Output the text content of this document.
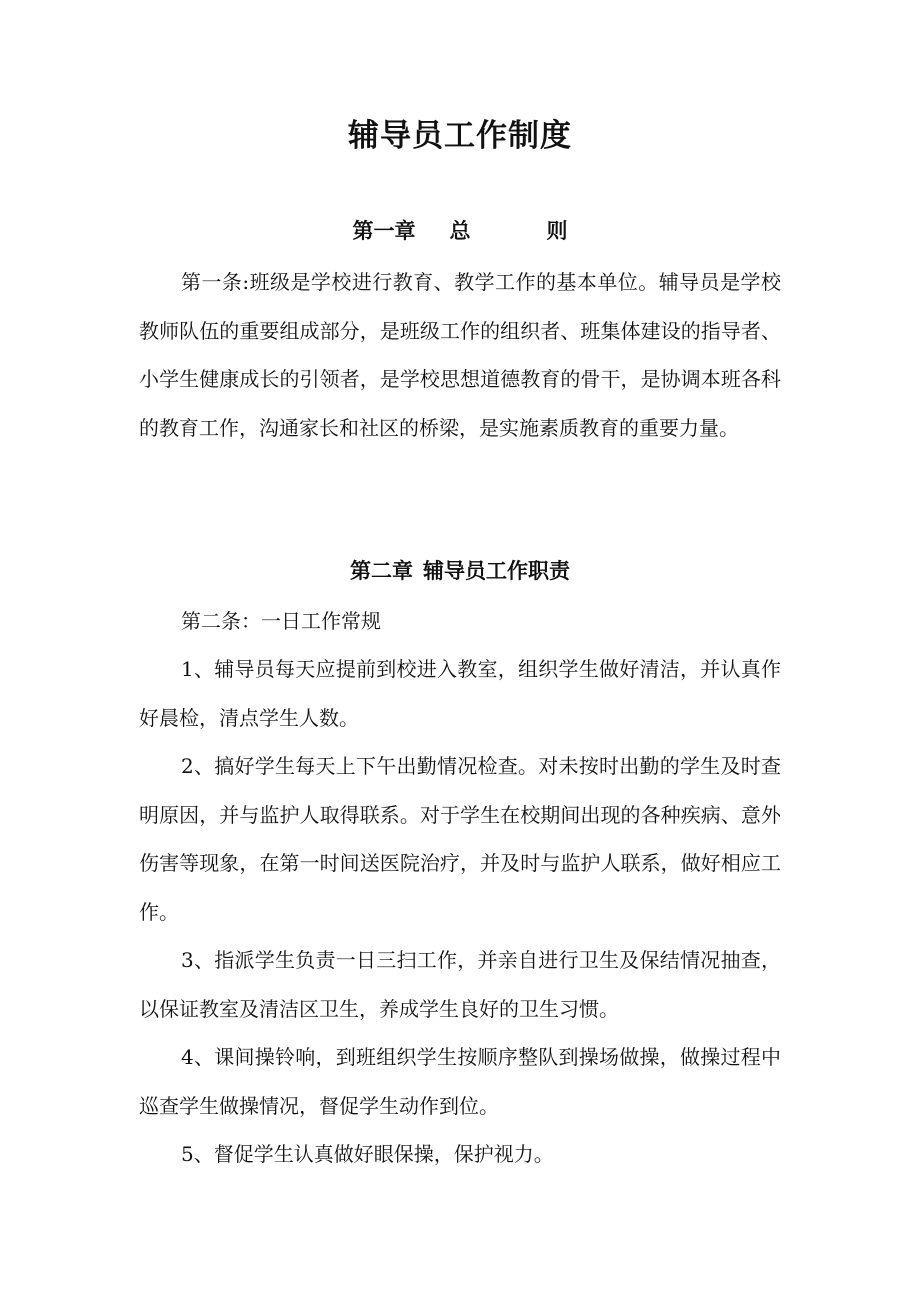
辅导员工作制度
第一章 总	则

第一条:班级是学校进行教育、教学工作的基本单位。辅导员是学校教师队伍的重要组成部分，是班级工作的组织者、班集体建设的指导者、小学生健康成长的引领者，是学校思想道德教育的骨干，是协调本班各科的教育工作，沟通家长和社区的桥梁，是实施素质教育的重要力量。

第二章 辅导员工作职责

第二条：一日工作常规

1、辅导员每天应提前到校进入教室，组织学生做好清洁，并认真作好晨检，清点学生人数。

2、搞好学生每天上下午出勤情况检查。对未按时出勤的学生及时查明原因，并与监护人取得联系。对于学生在校期间出现的各种疾病、意外伤害等现象，在第一时间送医院治疗，并及时与监护人联系，做好相应工作。

3、指派学生负责一日三扫工作，并亲自进行卫生及保结情况抽查，以保证教室及清洁区卫生，养成学生良好的卫生习惯。

4、课间操铃响，到班组织学生按顺序整队到操场做操，做操过程中巡查学生做操情况，督促学生动作到位。

5、督促学生认真做好眼保操，保护视力。
